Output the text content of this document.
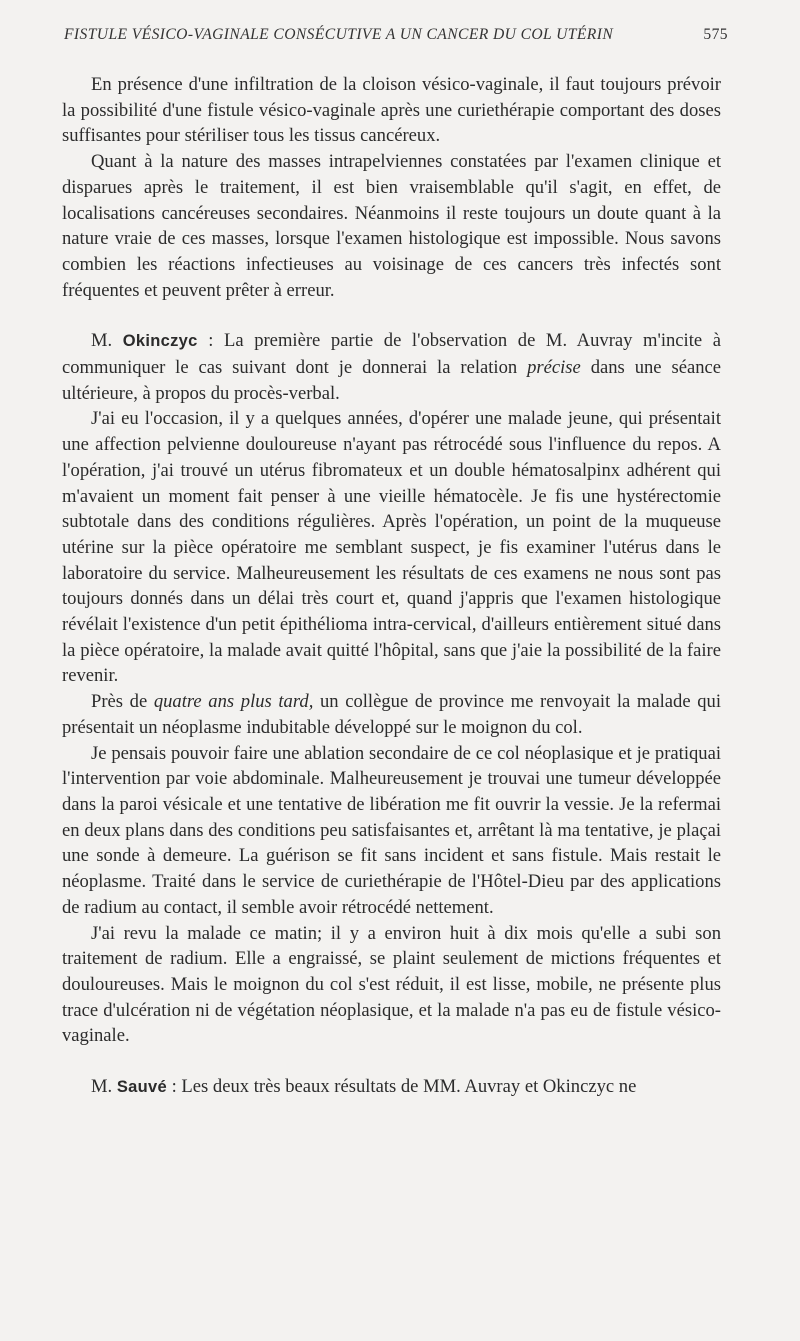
FISTULE VÉSICO-VAGINALE CONSÉCUTIVE A UN CANCER DU COL UTÉRIN	575

En présence d'une infiltration de la cloison vésico-vaginale, il faut toujours prévoir la possibilité d'une fistule vésico-vaginale après une curiethérapie comportant des doses suffisantes pour stériliser tous les tissus cancéreux.

Quant à la nature des masses intrapelviennes constatées par l'examen clinique et disparues après le traitement, il est bien vraisemblable qu'il s'agit, en effet, de localisations cancéreuses secondaires. Néanmoins il reste toujours un doute quant à la nature vraie de ces masses, lorsque l'examen histologique est impossible. Nous savons combien les réactions infectieuses au voisinage de ces cancers très infectés sont fréquentes et peuvent prêter à erreur.

M. Okinczyc : La première partie de l'observation de M. Auvray m'incite à communiquer le cas suivant dont je donnerai la relation précise dans une séance ultérieure, à propos du procès-verbal.

J'ai eu l'occasion, il y a quelques années, d'opérer une malade jeune, qui présentait une affection pelvienne douloureuse n'ayant pas rétrocédé sous l'influence du repos. A l'opération, j'ai trouvé un utérus fibromateux et un double hématosalpinx adhérent qui m'avaient un moment fait penser à une vieille hématocèle. Je fis une hystérectomie subtotale dans des conditions régulières. Après l'opération, un point de la muqueuse utérine sur la pièce opératoire me semblant suspect, je fis examiner l'utérus dans le laboratoire du service. Malheureusement les résultats de ces examens ne nous sont pas toujours donnés dans un délai très court et, quand j'appris que l'examen histologique révélait l'existence d'un petit épithélioma intra-cervical, d'ailleurs entièrement situé dans la pièce opératoire, la malade avait quitté l'hôpital, sans que j'aie la possibilité de la faire revenir.

Près de quatre ans plus tard, un collègue de province me renvoyait la malade qui présentait un néoplasme indubitable développé sur le moignon du col.

Je pensais pouvoir faire une ablation secondaire de ce col néoplasique et je pratiquai l'intervention par voie abdominale. Malheureusement je trouvai une tumeur développée dans la paroi vésicale et une tentative de libération me fit ouvrir la vessie. Je la refermai en deux plans dans des conditions peu satisfaisantes et, arrêtant là ma tentative, je plaçai une sonde à demeure. La guérison se fit sans incident et sans fistule. Mais restait le néoplasme. Traité dans le service de curiethérapie de l'Hôtel-Dieu par des applications de radium au contact, il semble avoir rétrocédé nettement.

J'ai revu la malade ce matin; il y a environ huit à dix mois qu'elle a subi son traitement de radium. Elle a engraissé, se plaint seulement de mictions fréquentes et douloureuses. Mais le moignon du col s'est réduit, il est lisse, mobile, ne présente plus trace d'ulcération ni de végétation néoplasique, et la malade n'a pas eu de fistule vésico-vaginale.

M. Sauvé : Les deux très beaux résultats de MM. Auvray et Okinczyc ne
